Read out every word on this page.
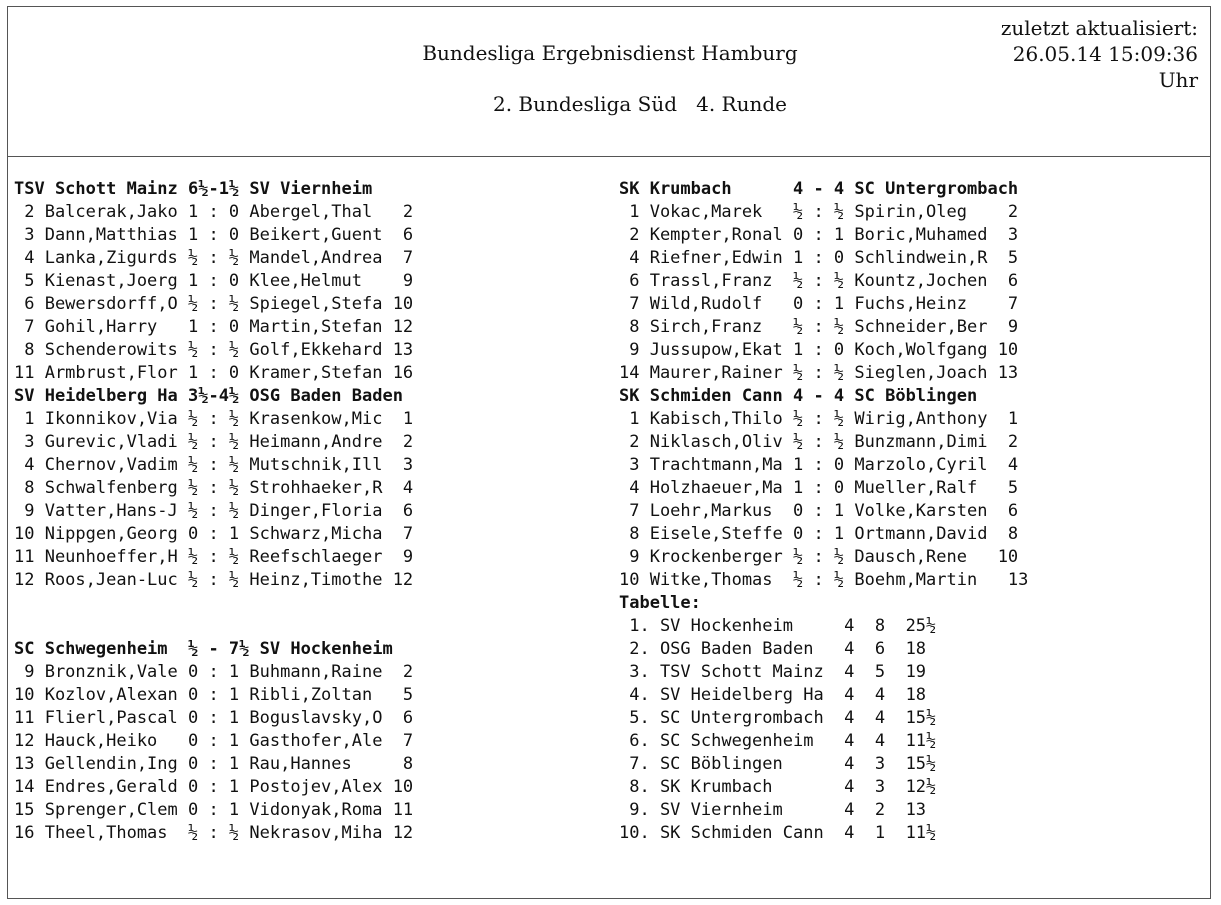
Bundesliga Ergebnisdienst Hamburg
2. Bundesliga Süd   4. Runde
zuletzt aktualisiert:
26.05.14 15:09:36
Uhr
TSV Schott Mainz 6½-1½ SV Viernheim
2 Balcerak,Jako 1 : 0 Abergel,Thal   2
3 Dann,Matthias 1 : 0 Beikert,Guent  6
4 Lanka,Zigurds ½ : ½ Mandel,Andrea  7
5 Kienast,Joerg 1 : 0 Klee,Helmut    9
6 Bewersdorff,O ½ : ½ Spiegel,Stefa 10
7 Gohil,Harry   1 : 0 Martin,Stefan 12
8 Schenderowits ½ : ½ Golf,Ekkehard 13
11 Armbrust,Flor 1 : 0 Kramer,Stefan 16
SV Heidelberg Ha 3½-4½ OSG Baden Baden
1 Ikonnikov,Via ½ : ½ Krasenkow,Mic  1
3 Gurevic,Vladi ½ : ½ Heimann,Andre  2
4 Chernov,Vadim ½ : ½ Mutschnik,Ill  3
8 Schwalfenberg ½ : ½ Strohhaeker,R  4
9 Vatter,Hans-J ½ : ½ Dinger,Floria  6
10 Nippgen,Georg 0 : 1 Schwarz,Micha  7
11 Neunhoeffer,H ½ : ½ Reefschlaeger  9
12 Roos,Jean-Luc ½ : ½ Heinz,Timothe 12
SC Schwegenheim  ½ - 7½ SV Hockenheim
9 Bronznik,Vale 0 : 1 Buhmann,Raine  2
10 Kozlov,Alexan 0 : 1 Ribli,Zoltan   5
11 Flierl,Pascal 0 : 1 Boguslavsky,O  6
12 Hauck,Heiko   0 : 1 Gasthofer,Ale  7
13 Gellendin,Ing 0 : 1 Rau,Hannes     8
14 Endres,Gerald 0 : 1 Postojev,Alex 10
15 Sprenger,Clem 0 : 1 Vidonyak,Roma 11
16 Theel,Thomas  ½ : ½ Nekrasov,Miha 12
SK Krumbach      4 - 4 SC Untergrombach
1 Vokac,Marek   ½ : ½ Spirin,Oleg    2
2 Kempter,Ronal 0 : 1 Boric,Muhamed  3
4 Riefner,Edwin 1 : 0 Schlindwein,R  5
6 Trassl,Franz  ½ : ½ Kountz,Jochen  6
7 Wild,Rudolf   0 : 1 Fuchs,Heinz    7
8 Sirch,Franz   ½ : ½ Schneider,Ber  9
9 Jussupow,Ekat 1 : 0 Koch,Wolfgang 10
14 Maurer,Rainer ½ : ½ Sieglen,Joach 13
SK Schmiden Cann 4 - 4 SC Böblingen
1 Kabisch,Thilo ½ : ½ Wirig,Anthony  1
2 Niklasch,Oliv ½ : ½ Bunzmann,Dimi  2
3 Trachtmann,Ma 1 : 0 Marzolo,Cyril  4
4 Holzhaeuer,Ma 1 : 0 Mueller,Ralf   5
7 Loehr,Markus  0 : 1 Volke,Karsten  6
8 Eisele,Steffe 0 : 1 Ortmann,David  8
9 Krockenberger ½ : ½ Dausch,Rene   10
10 Witke,Thomas  ½ : ½ Boehm,Martin   13
Tabelle:
1. SV Hockenheim     4  8  25½
2. OSG Baden Baden   4  6  18
3. TSV Schott Mainz  4  5  19
4. SV Heidelberg Ha  4  4  18
5. SC Untergrombach  4  4  15½
6. SC Schwegenheim   4  4  11½
7. SC Böblingen      4  3  15½
8. SK Krumbach       4  3  12½
9. SV Viernheim      4  2  13
10. SK Schmiden Cann  4  1  11½
